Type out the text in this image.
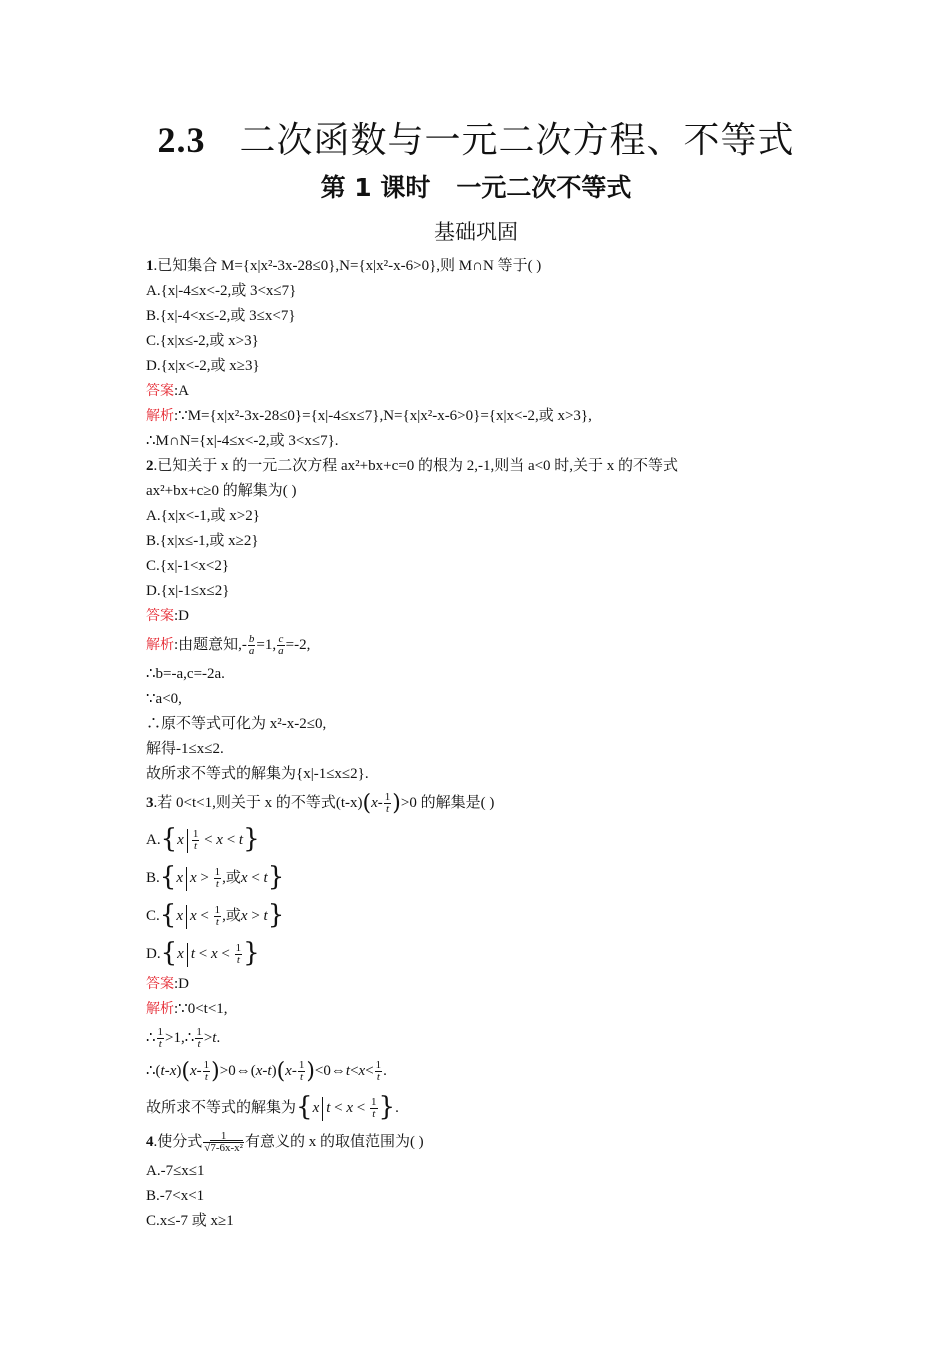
2.3 二次函数与一元二次方程、不等式
第 1 课时 一元二次不等式
基础巩固
1.已知集合 M={x|x²-3x-28≤0},N={x|x²-x-6>0},则 M∩N 等于( )
A.{x|-4≤x<-2,或 3<x≤7}
B.{x|-4<x≤-2,或 3≤x<7}
C.{x|x≤-2,或 x>3}
D.{x|x<-2,或 x≥3}
答案:A
解析:∵M={x|x²-3x-28≤0}={x|-4≤x≤7},N={x|x²-x-6>0}={x|x<-2,或 x>3},
∴M∩N={x|-4≤x<-2,或 3<x≤7}.
2.已知关于 x 的一元二次方程 ax²+bx+c=0 的根为 2,-1,则当 a<0 时,关于 x 的不等式
ax²+bx+c≥0 的解集为( )
A.{x|x<-1,或 x>2}
B.{x|x≤-1,或 x≥2}
C.{x|-1<x<2}
D.{x|-1≤x≤2}
答案:D
解析:由题意知,- $\frac{b}{a} =1$, $\frac{c}{a} =-2$,
∴b=-a,c=-2a.
∵a<0,
∴原不等式可化为 x²-x-2≤0,
解得-1≤x≤2.
故所求不等式的解集为{x|-1≤x≤2}.
3.若 0<t<1,则关于 x 的不等式$(t-x)(x- \frac{1}{t} )>0$ 的解集是( )
$A.\{x \frac{1}{t} < x < t\}$
B.{x $x > \frac{1}{t}$ ,或x < t}
C.{x $x < \frac{1}{t}$ ,或x > t}
D.{x $t < x < \frac{1}{t}$ }
答案:D
解析:∵0<t<1,
∴ $\frac{1}{t}$ >1,∴ $\frac{1}{t} >t$.
∴(t-x)(x- $\frac{1}{t}$ )>0⇔(x-t)(x- $\frac{1}{t}$ )<0⇔t<x< $\frac{1}{t}$ .
故所求不等式的解集为{x $t < x < \frac{1}{t}$ }.
4.使分式 $\frac{1}{\text{√7-6x-x²}}$ 有意义的 x 的取值范围为( )
A.-7≤x≤1
B.-7<x<1
C.x≤-7 或 x≥1
